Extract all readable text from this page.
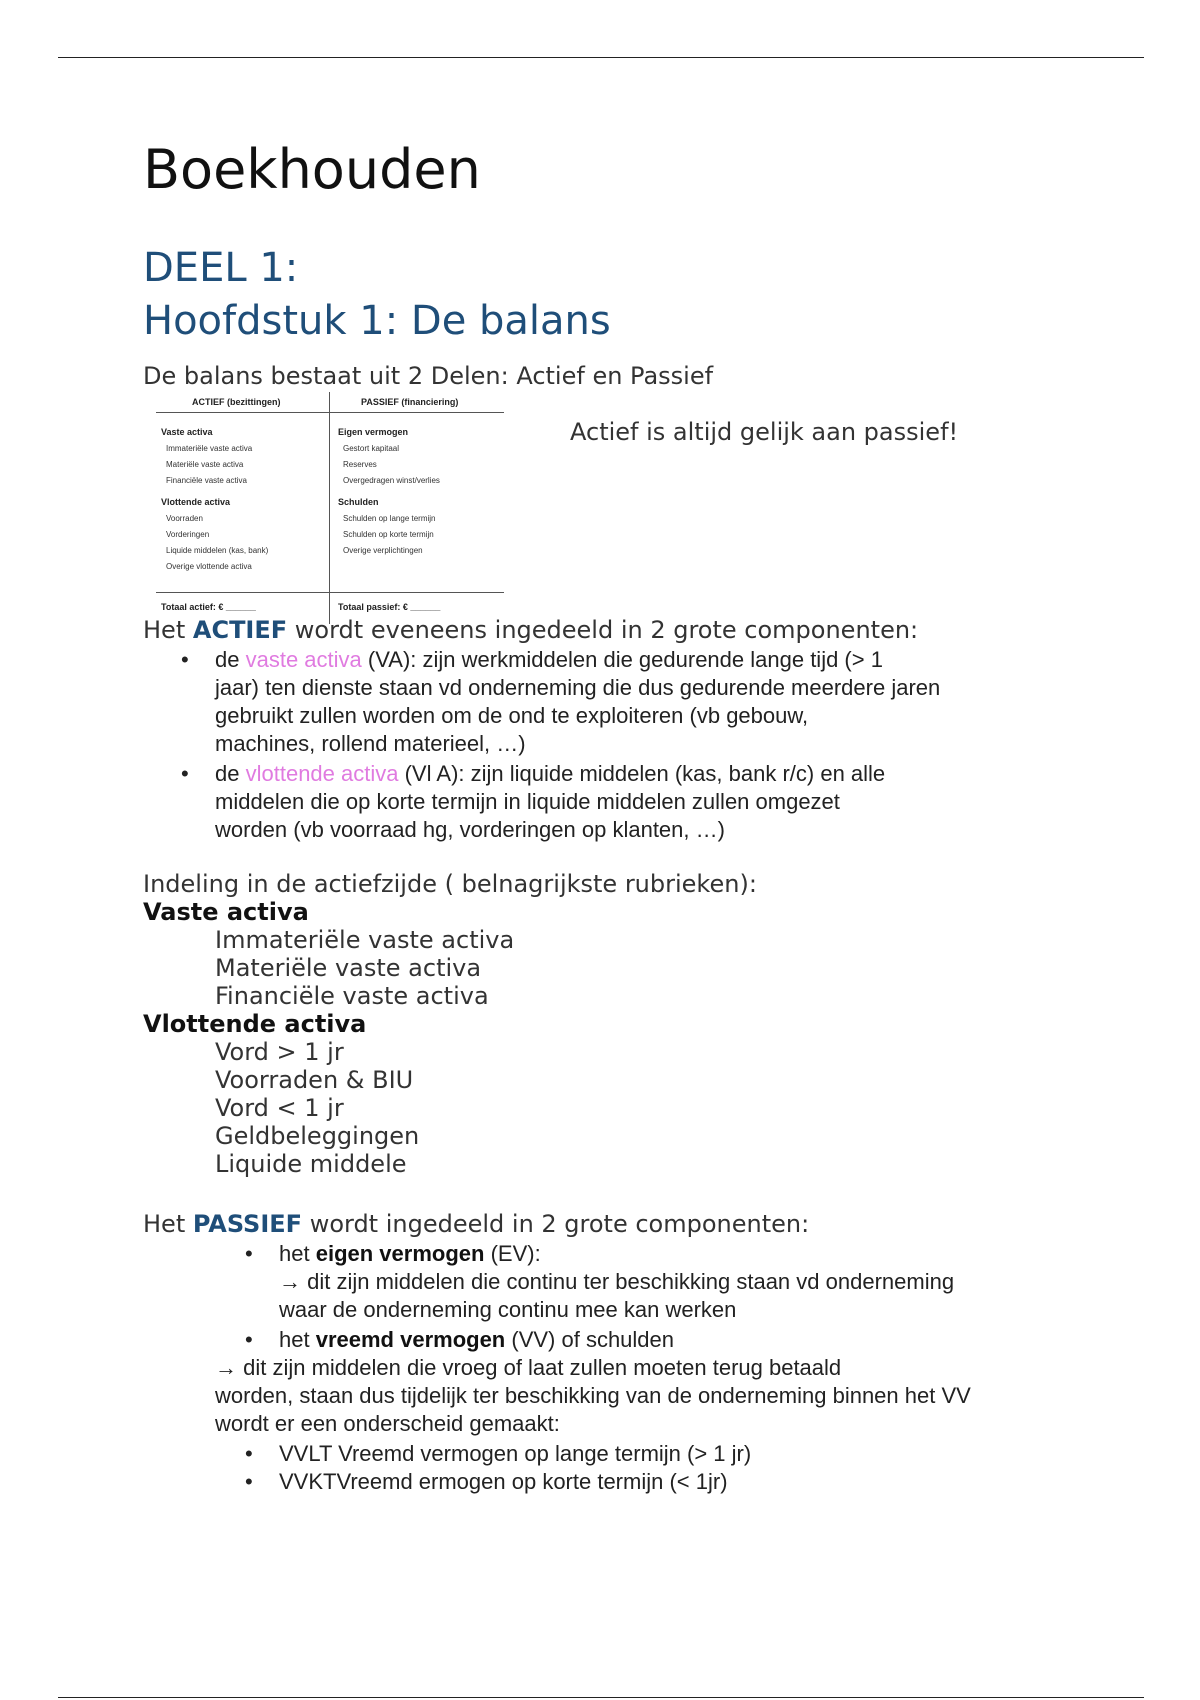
Boekhouden
DEEL 1:
Hoofdstuk 1: De balans

De balans bestaat uit 2 Delen: Actief en Passief

ACTIEF (bezittingen)	PASSIEF (financiering)
Vaste activa
Immateriële vaste activa
Materiële vaste activa
Financiële vaste activa
Vlottende activa
Voorraden
Vorderingen
Liquide middelen (kas, bank)
Overige vlottende activa
Eigen vermogen
Gestort kapitaal
Reserves
Overgedragen winst/verlies
Schulden
Schulden op lange termijn
Schulden op korte termijn
Overige verplichtingen
Totaal actief: € ______	Totaal passief: € ______

Actief is altijd gelijk aan passief!

Het ACTIEF wordt eveneens ingedeeld in 2 grote componenten:

• de vaste activa (VA): zijn werkmiddelen die gedurende lange tijd (> 1
jaar) ten dienste staan vd onderneming die dus gedurende meerdere jaren
gebruikt zullen worden om de ond te exploiteren (vb gebouw,
machines, rollend materieel, …)
• de vlottende activa (Vl A): zijn liquide middelen (kas, bank r/c) en alle
middelen die op korte termijn in liquide middelen zullen omgezet
worden (vb voorraad hg, vorderingen op klanten, …)

Indeling in de actiefzijde ( belnagrijkste rubrieken):

Vaste activa

Immateriële vaste activa

Materiële vaste activa

Financiële vaste activa

Vlottende activa

Vord > 1 jr

Voorraden & BIU

Vord < 1 jr

Geldbeleggingen

Liquide middele

Het PASSIEF wordt ingedeeld in 2 grote componenten:

• het eigen vermogen (EV):
→ dit zijn middelen die continu ter beschikking staan vd onderneming
waar de onderneming continu mee kan werken
• het vreemd vermogen (VV) of schulden

→ dit zijn middelen die vroeg of laat zullen moeten terug betaald

worden, staan dus tijdelijk ter beschikking van de onderneming binnen het VV

wordt er een onderscheid gemaakt:

• VVLT Vreemd vermogen op lange termijn (> 1 jr)
• VVKTVreemd ermogen op korte termijn (< 1jr)
